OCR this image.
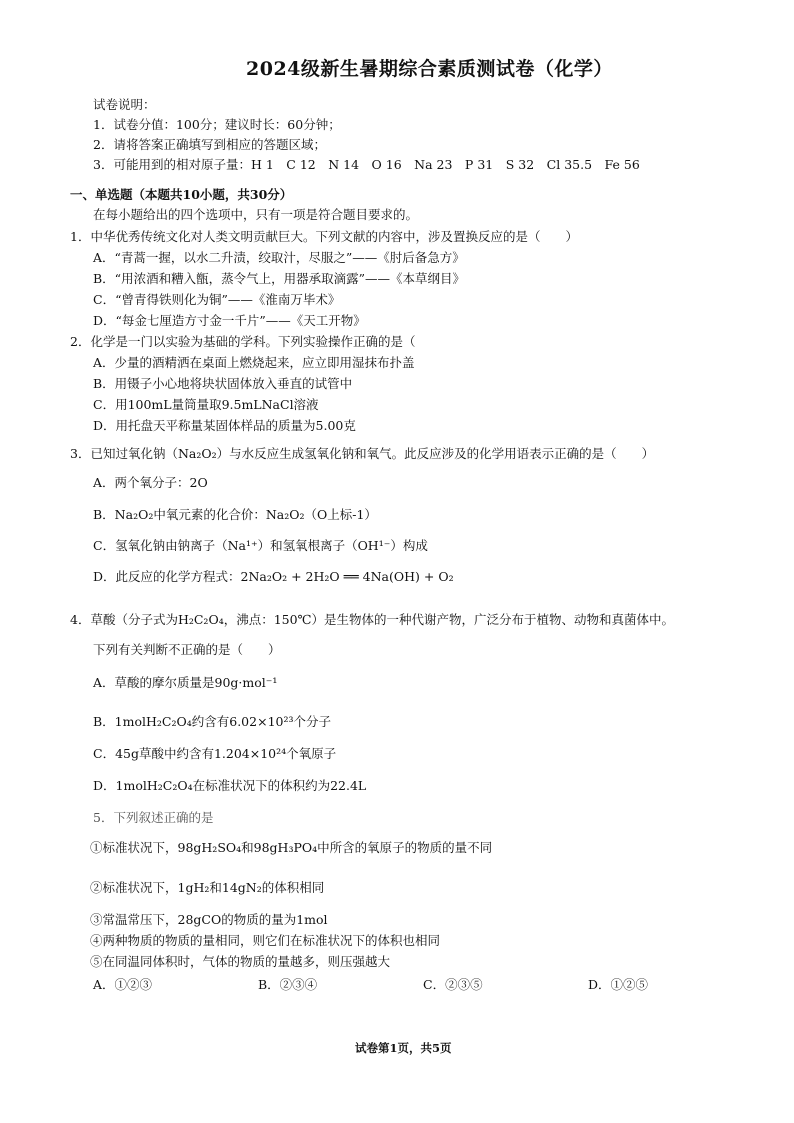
2024级新生暑期综合素质测试卷（化学）
试卷说明：
1．试卷分值：100分；建议时长：60分钟；
2．请将答案正确填写到相应的答题区域；
3．可能用到的相对原子量：H 1　C 12　N 14　O 16　Na 23　P 31　S 32　Cl 35.5　Fe 56
一、单选题（本题共10小题，共30分）
在每小题给出的四个选项中，只有一项是符合题目要求的。
1．中华优秀传统文化对人类文明贡献巨大。下列文献的内容中，涉及置换反应的是（　　）
A．“青蒿一握，以水二升渍，绞取汁，尽服之”——《肘后备急方》
B．“用浓酒和糟入甑，蒸令气上，用器承取滴露”——《本草纲目》
C．“曾青得铁则化为铜”——《淮南万毕术》
D．“每金七厘造方寸金一千片”——《天工开物》
2．化学是一门以实验为基础的学科。下列实验操作正确的是（
A．少量的酒精洒在桌面上燃烧起来，应立即用湿抹布扑盖
B．用镊子小心地将块状固体放入垂直的试管中
C．用100mL量筒量取9.5mLNaCl溶液
D．用托盘天平称量某固体样品的质量为5.00克
3．已知过氧化钠（Na₂O₂）与水反应生成氢氧化钠和氧气。此反应涉及的化学用语表示正确的是（　　）
A．两个氧分子：2O
B．Na₂O₂中氧元素的化合价：Na₂O₂（O上标-1）
C．氢氧化钠由钠离子（Na¹⁺）和氢氧根离子（OH¹⁻）构成
D．此反应的化学方程式：2Na₂O₂ + 2H₂O ══ 4Na(OH) + O₂
4．草酸（分子式为H₂C₂O₄，沸点：150℃）是生物体的一种代谢产物，广泛分布于植物、动物和真菌体中。
下列有关判断不正确的是（　　）
A．草酸的摩尔质量是90g·mol⁻¹
B．1molH₂C₂O₄约含有6.02×10²³个分子
C．45g草酸中约含有1.204×10²⁴个氧原子
D．1molH₂C₂O₄在标准状况下的体积约为22.4L
5．下列叙述正确的是
①标准状况下，98gH₂SO₄和98gH₃PO₄中所含的氧原子的物质的量不同
②标准状况下，1gH₂和14gN₂的体积相同
③常温常压下，28gCO的物质的量为1mol
④两种物质的物质的量相同，则它们在标准状况下的体积也相同
⑤在同温同体积时，气体的物质的量越多，则压强越大
A．①②③	B．②③④	C．②③⑤	D．①②⑤
试卷第1页，共5页
